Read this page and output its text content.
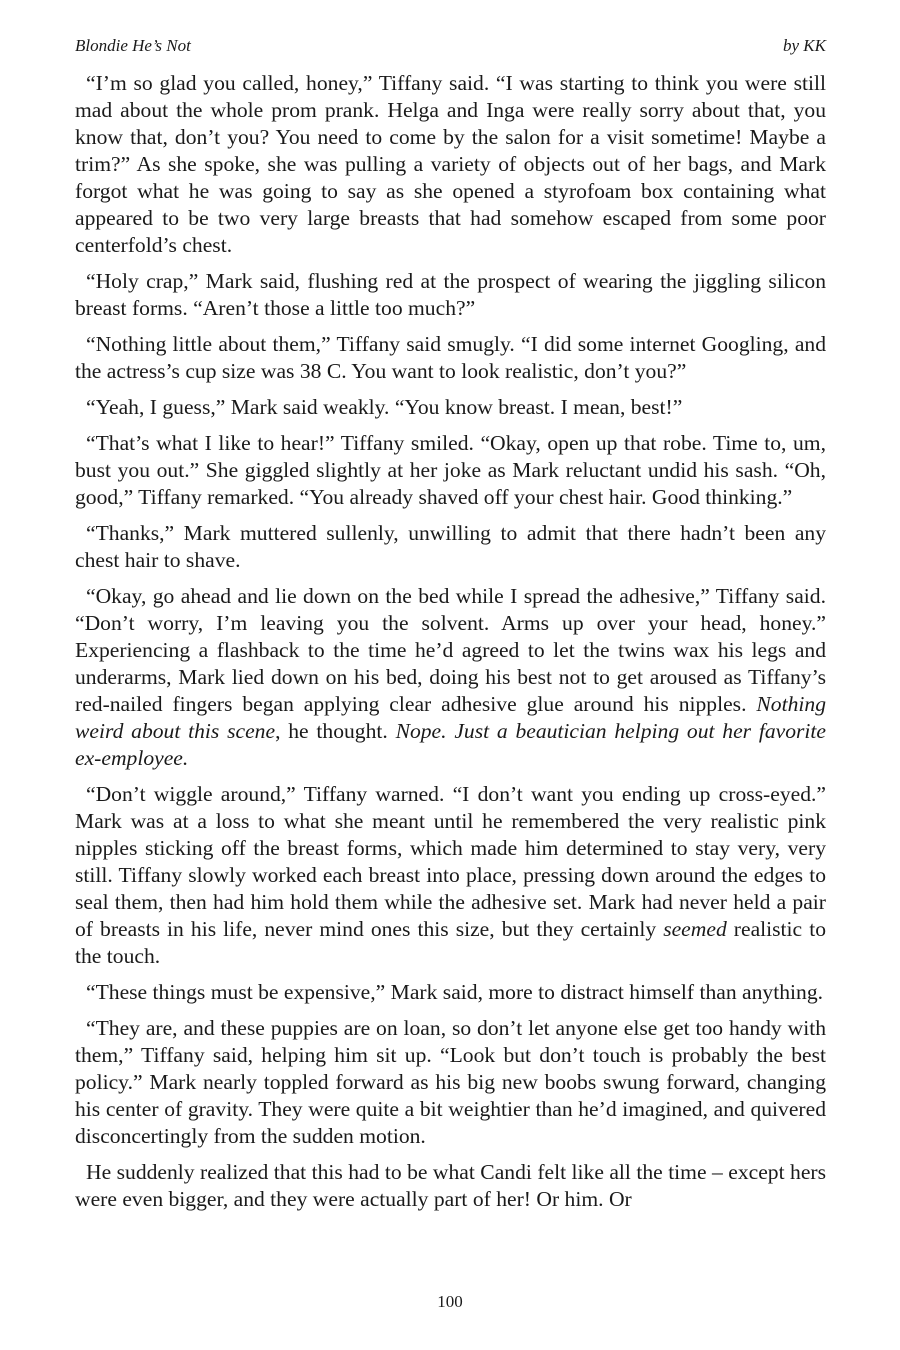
Blondie He’s Not	by KK

“I’m so glad you called, honey,” Tiffany said. “I was starting to think you were still mad about the whole prom prank. Helga and Inga were really sorry about that, you know that, don’t you? You need to come by the salon for a visit sometime! Maybe a trim?” As she spoke, she was pulling a variety of objects out of her bags, and Mark forgot what he was going to say as she opened a styrofoam box containing what appeared to be two very large breasts that had somehow escaped from some poor centerfold’s chest.

“Holy crap,” Mark said, flushing red at the prospect of wearing the jiggling silicon breast forms. “Aren’t those a little too much?”

“Nothing little about them,” Tiffany said smugly. “I did some internet Googling, and the actress’s cup size was 38 C. You want to look realistic, don’t you?”

“Yeah, I guess,” Mark said weakly. “You know breast. I mean, best!”

“That’s what I like to hear!” Tiffany smiled. “Okay, open up that robe. Time to, um, bust you out.” She giggled slightly at her joke as Mark reluctant undid his sash. “Oh, good,” Tiffany remarked. “You already shaved off your chest hair. Good thinking.”

“Thanks,” Mark muttered sullenly, unwilling to admit that there hadn’t been any chest hair to shave.

“Okay, go ahead and lie down on the bed while I spread the adhesive,” Tiffany said. “Don’t worry, I’m leaving you the solvent. Arms up over your head, honey.” Experiencing a flashback to the time he’d agreed to let the twins wax his legs and underarms, Mark lied down on his bed, doing his best not to get aroused as Tiffany’s red-nailed fingers began applying clear adhesive glue around his nipples. Nothing weird about this scene, he thought. Nope. Just a beautician helping out her favorite ex-employee.

“Don’t wiggle around,” Tiffany warned. “I don’t want you ending up cross-eyed.” Mark was at a loss to what she meant until he remembered the very realistic pink nipples sticking off the breast forms, which made him determined to stay very, very still. Tiffany slowly worked each breast into place, pressing down around the edges to seal them, then had him hold them while the adhesive set. Mark had never held a pair of breasts in his life, never mind ones this size, but they certainly seemed realistic to the touch.

“These things must be expensive,” Mark said, more to distract himself than anything.

“They are, and these puppies are on loan, so don’t let anyone else get too handy with them,” Tiffany said, helping him sit up. “Look but don’t touch is probably the best policy.” Mark nearly toppled forward as his big new boobs swung forward, changing his center of gravity. They were quite a bit weightier than he’d imagined, and quivered disconcertingly from the sudden motion.

He suddenly realized that this had to be what Candi felt like all the time – except hers were even bigger, and they were actually part of her! Or him. Or

100
